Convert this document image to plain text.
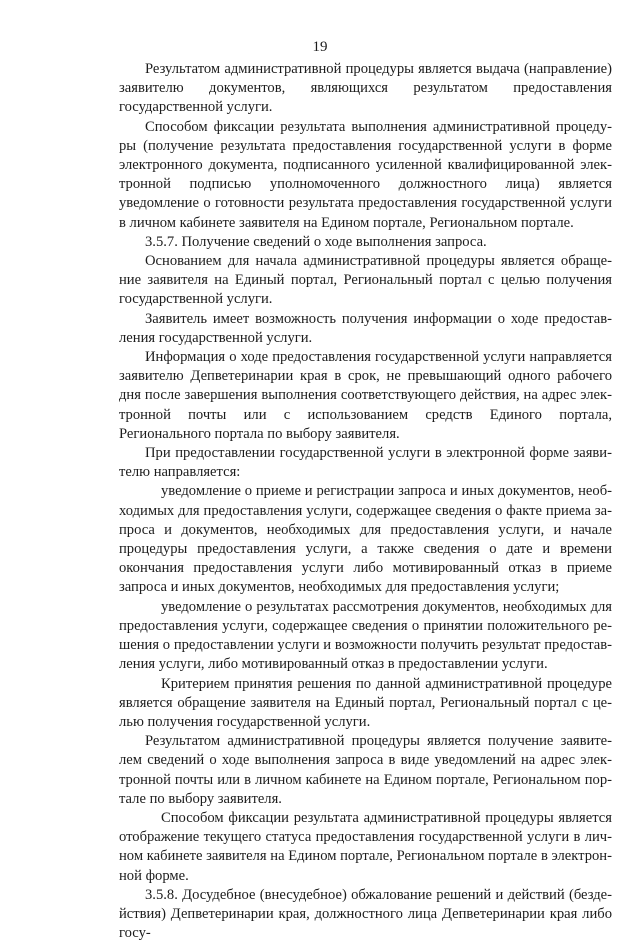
19

Результатом административной процедуры является выдача (направление) заявителю документов, являющихся результатом предоставления государственной услуги.

Способом фиксации результата выполнения административной процедуры (получение результата предоставления государственной услуги в форме электронного документа, подписанного усиленной квалифицированной электронной подписью уполномоченного должностного лица) является уведомление о готовности результата предоставления государственной услуги в личном кабинете заявителя на Едином портале, Региональном портале.

3.5.7. Получение сведений о ходе выполнения запроса.

Основанием для начала административной процедуры является обращение заявителя на Единый портал, Региональный портал с целью получения государственной услуги.

Заявитель имеет возможность получения информации о ходе предоставления государственной услуги.

Информация о ходе предоставления государственной услуги направляется заявителю Депветеринарии края в срок, не превышающий одного рабочего дня после завершения выполнения соответствующего действия, на адрес электронной почты или с использованием средств Единого портала, Регионального портала по выбору заявителя.

При предоставлении государственной услуги в электронной форме заявителю направляется:

уведомление о приеме и регистрации запроса и иных документов, необходимых для предоставления услуги, содержащее сведения о факте приема запроса и документов, необходимых для предоставления услуги, и начале процедуры предоставления услуги, а также сведения о дате и времени окончания предоставления услуги либо мотивированный отказ в приеме запроса и иных документов, необходимых для предоставления услуги;

уведомление о результатах рассмотрения документов, необходимых для предоставления услуги, содержащее сведения о принятии положительного решения о предоставлении услуги и возможности получить результат предоставления услуги, либо мотивированный отказ в предоставлении услуги.

Критерием принятия решения по данной административной процедуре является обращение заявителя на Единый портал, Региональный портал с целью получения государственной услуги.

Результатом административной процедуры является получение заявителем сведений о ходе выполнения запроса в виде уведомлений на адрес электронной почты или в личном кабинете на Едином портале, Региональном портале по выбору заявителя.

Способом фиксации результата административной процедуры является отображение текущего статуса предоставления государственной услуги в личном кабинете заявителя на Едином портале, Региональном портале в электронной форме.

3.5.8. Досудебное (внесудебное) обжалование решений и действий (бездействия) Депветеринарии края, должностного лица Депветеринарии края либо госу-
